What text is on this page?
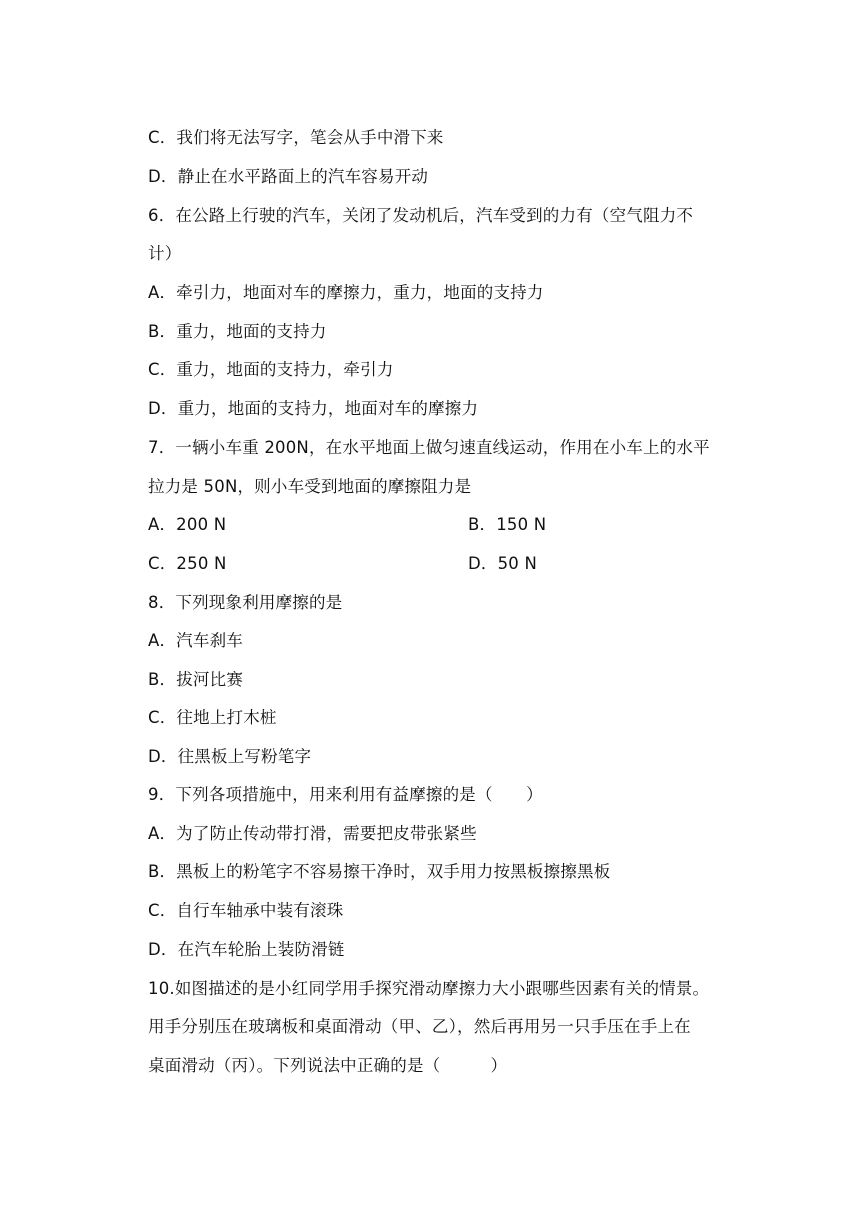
C．我们将无法写字，笔会从手中滑下来
D．静止在水平路面上的汽车容易开动
6．在公路上行驶的汽车，关闭了发动机后，汽车受到的力有（空气阻力不
计）
A．牵引力，地面对车的摩擦力，重力，地面的支持力
B．重力，地面的支持力
C．重力，地面的支持力，牵引力
D．重力，地面的支持力，地面对车的摩擦力
7．一辆小车重 200N，在水平地面上做匀速直线运动，作用在小车上的水平
拉力是 50N，则小车受到地面的摩擦阻力是
A．200 N	B．150 N
C．250 N	D．50 N
8．下列现象利用摩擦的是
A．汽车刹车
B．拔河比赛
C．往地上打木桩
D．往黑板上写粉笔字
9．下列各项措施中，用来利用有益摩擦的是（　　）
A．为了防止传动带打滑，需要把皮带张紧些
B．黑板上的粉笔字不容易擦干净时，双手用力按黑板擦擦黑板
C．自行车轴承中装有滚珠
D．在汽车轮胎上装防滑链
10.如图描述的是小红同学用手探究滑动摩擦力大小跟哪些因素有关的情景。
用手分别压在玻璃板和桌面滑动（甲、乙），然后再用另一只手压在手上在
桌面滑动（丙）。下列说法中正确的是（　　　）
